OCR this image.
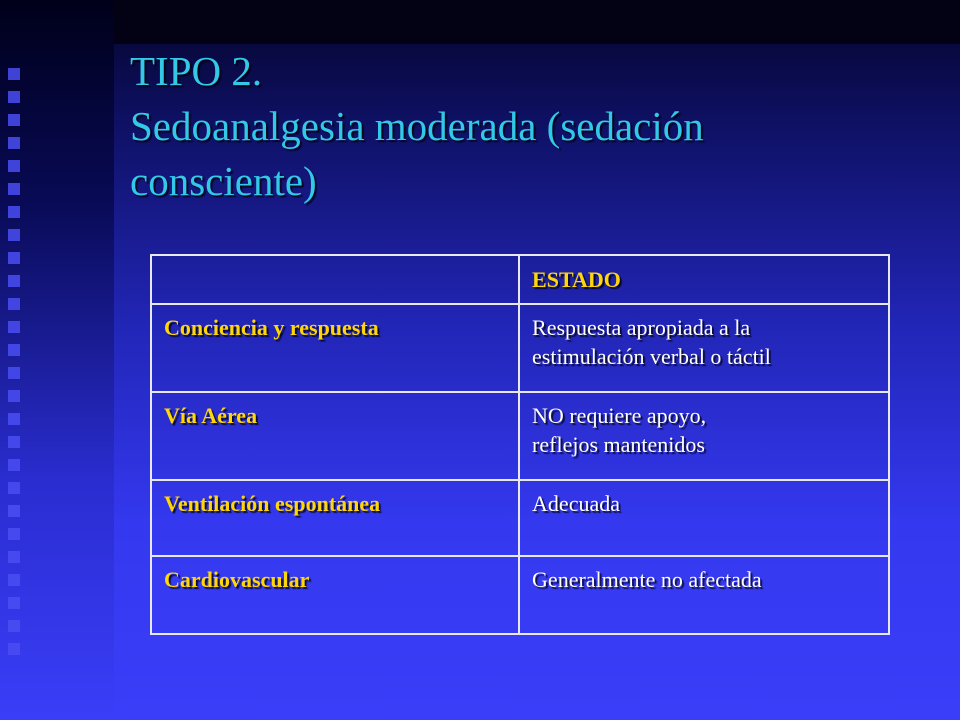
TIPO 2.
Sedoanalgesia moderada (sedación
consciente)
	ESTADO
Conciencia y respuesta	Respuesta apropiada a la
estimulación verbal o táctil

Vía Aérea	NO requiere apoyo,
reflejos mantenidos

Ventilación espontánea	Adecuada

Cardiovascular	Generalmente no afectada
